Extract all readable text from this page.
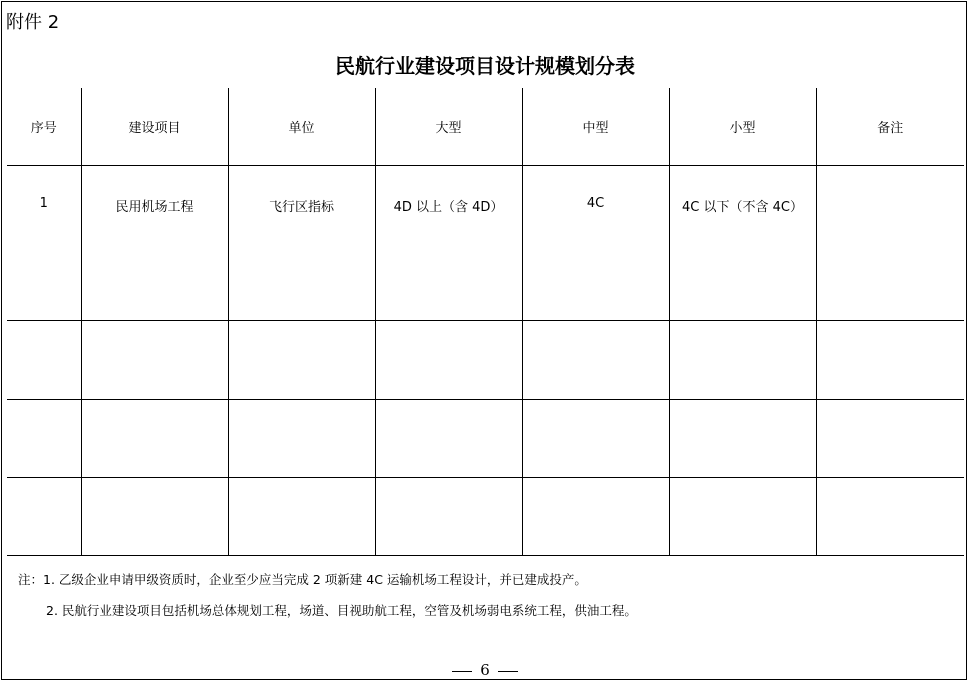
附件 2
民航行业建设项目设计规模划分表
序号	建设项目	单位	大型	中型	小型	备注
1	民用机场工程	飞行区指标	4D 以上（含 4D）	4C	4C 以下（不含 4C）	

注：1. 乙级企业申请甲级资质时，企业至少应当完成 2 项新建 4C 运输机场工程设计，并已建成投产。
2. 民航行业建设项目包括机场总体规划工程，场道、目视助航工程，空管及机场弱电系统工程，供油工程。
6
